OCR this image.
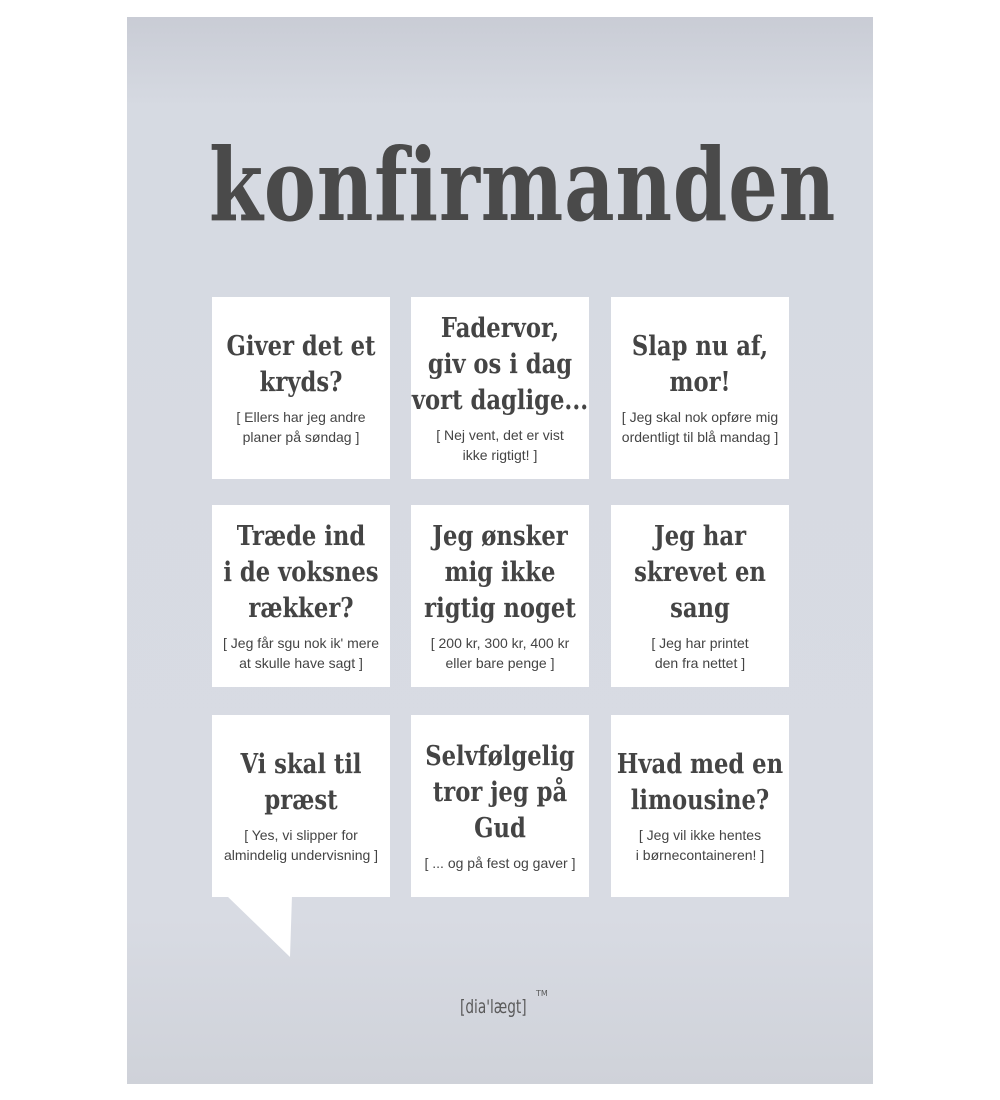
konfirmanden
Giver det et
kryds?
[ Ellers har jeg andre
planer på søndag ]
Fadervor,
giv os i dag
vort daglige...
[ Nej vent, det er vist
ikke rigtigt! ]
Slap nu af,
mor!
[ Jeg skal nok opføre mig
ordentligt til blå mandag ]
Træde ind
i de voksnes
rækker?
[ Jeg får sgu nok ik' mere
at skulle have sagt ]
Jeg ønsker
mig ikke
rigtig noget
[ 200 kr, 300 kr, 400 kr
eller bare penge ]
Jeg har
skrevet en
sang
[ Jeg har printet
den fra nettet ]
Vi skal til
præst
[ Yes, vi slipper for
almindelig undervisning ]
Selvfølgelig
tror jeg på
Gud
[ ... og på fest og gaver ]
Hvad med en
limousine?
[ Jeg vil ikke hentes
i børnecontaineren! ]
[dia'lægt]
TM
